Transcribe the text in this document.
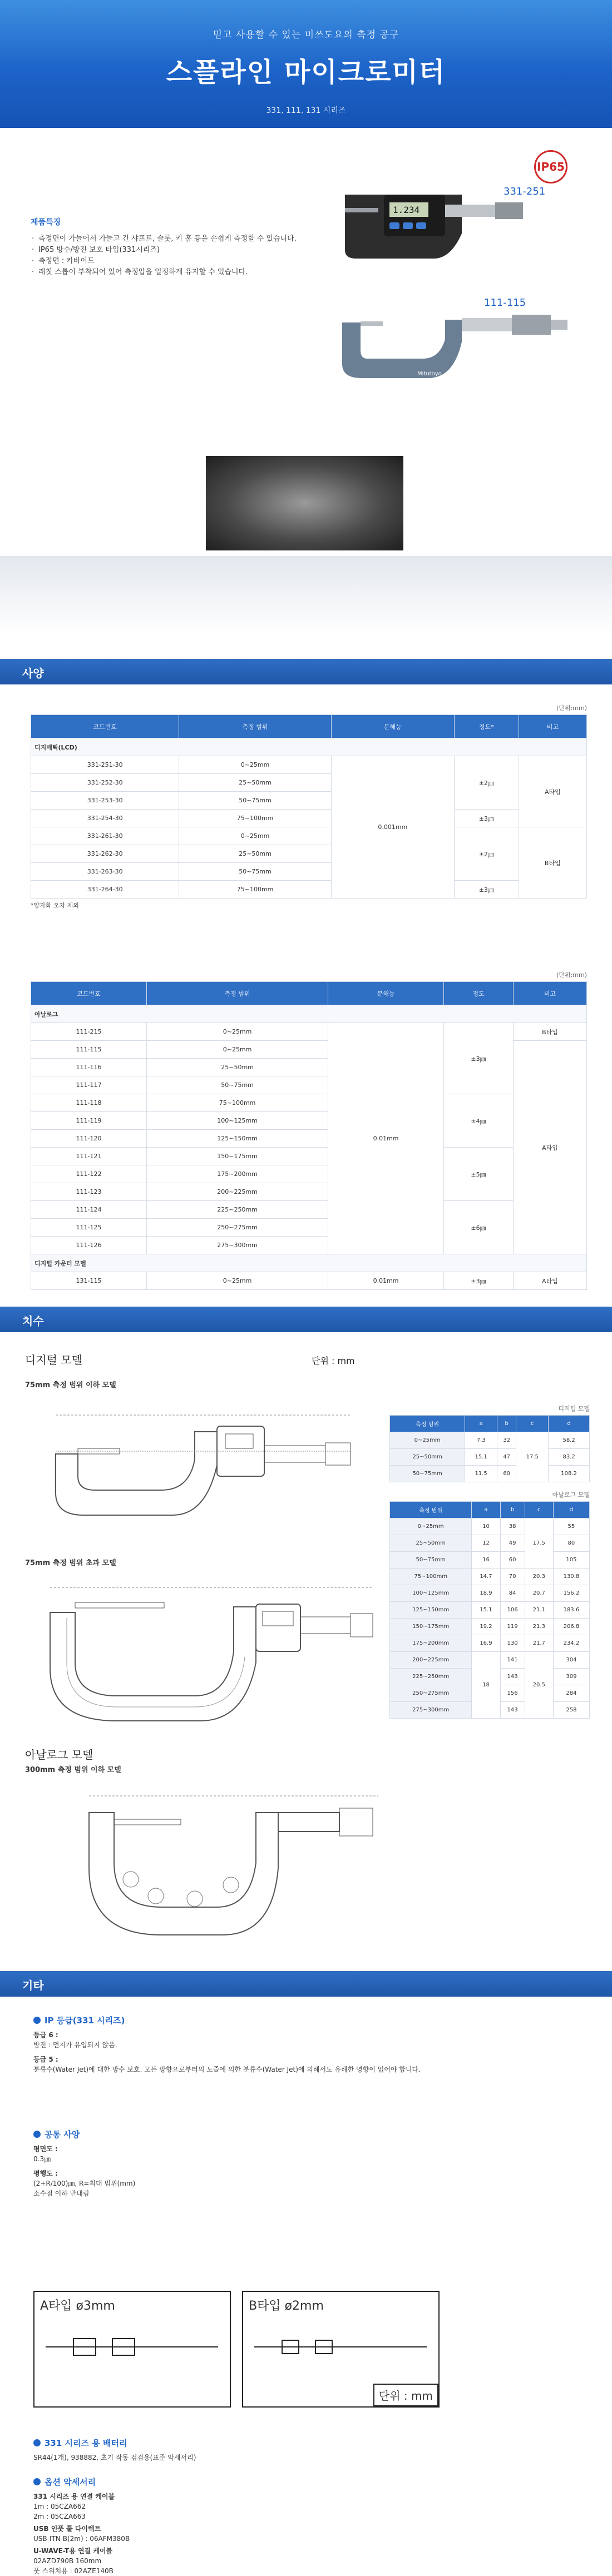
믿고 사용할 수 있는 미쓰도요의 측정 공구
스플라인 마이크로미터
331, 111, 131 시리즈
제품특징
· 측정면이 가늘어서 가늘고 긴 샤프트, 슬롯, 키 홈 등을 손쉽게 측정할 수 있습니다.
· IP65 방수/방진 보호 타입(331시리즈)
· 측정면 : 카바이드
· 래칫 스톱이 부착되어 있어 측정압을 일정하게 유지할 수 있습니다.
IP65
1.234
331-251
Mitutoyo
111-115
사양
(단위:mm)
코드번호	측정 범위	분해능	정도*	비고
디지매틱(LCD)				
331-251-30	0~25mm	0.001mm	±2㎛	A타입
331-252-30	25~50mm			
331-253-30	50~75mm			
331-254-30	75~100mm		±3㎛	
331-261-30	0~25mm		±2㎛	B타입
331-262-30	25~50mm			
331-263-30	50~75mm			
331-264-30	75~100mm		±3㎛	
*양자화 오차 제외
(단위:mm)
코드번호	측정 범위	분해능	정도	비고
아날로그				
111-215	0~25mm	0.01mm	±3㎛	B타입
111-115	0~25mm			A타입
111-116	25~50mm			
111-117	50~75mm			
111-118	75~100mm		±4㎛	
111-119	100~125mm			
111-120	125~150mm			
111-121	150~175mm		±5㎛	
111-122	175~200mm			
111-123	200~225mm			
111-124	225~250mm		±6㎛	
111-125	250~275mm			
111-126	275~300mm			
디지털 카운터 모델				
131-115	0~25mm	0.01mm	±3㎛	A타입
치수
디지털 모델	단위 : mm
75mm 측정 범위 이하 모델
디지털 모델
측정 범위	a	b	c	d
0~25mm	7.3	32	17.5	58.2
25~50mm	15.1	47		83.2
50~75mm	11.5	60		108.2
아날로그 모델
측정 범위	a	b	c	d
0~25mm	10	38	17.5	55
25~50mm	12	49		80
50~75mm	16	60		105
75~100mm	14.7	70	20.3	130.8
100~125mm	18.9	84	20.7	156.2
125~150mm	15.1	106	21.1	183.6
150~175mm	19.2	119	21.3	206.8
175~200mm	16.9	130	21.7	234.2
200~225mm	18	141	20.5	304
225~250mm		143		309
250~275mm		156		284
275~300mm		143		258
75mm 측정 범위 초과 모델
아날로그 모델
300mm 측정 범위 이하 모델
기타
IP 등급(331 시리즈)
등급 6 :
방진 : 먼지가 유입되지 않음.
등급 5 :
분류수(Water Jet)에 대한 방수 보호. 모든 방향으로부터의 노즐에 의한 분류수(Water Jet)에 의해서도 유해한 영향이 없어야 합니다.
공통 사양
평면도 :
0.3㎛
평행도 :
(2+R/100)㎛, R=최대 범위(mm)
소수점 이하 반내림
A타입 ø3mm	B타입 ø2mm
단위 : mm
331 시리즈 용 배터리
SR44(1개), 938882, 초기 작동 검검용(표준 악세서리)
옵션 악세서리
331 시리즈 용 연결 케이블
1m : 05CZA662
2m : 05CZA663
USB 인풋 툴 다이렉트
USB-ITN-B(2m) : 06AFM380B
U-WAVE-T용 연결 케이블
02AZD790B 160mm
풋 스위치용 : 02AZE140B
